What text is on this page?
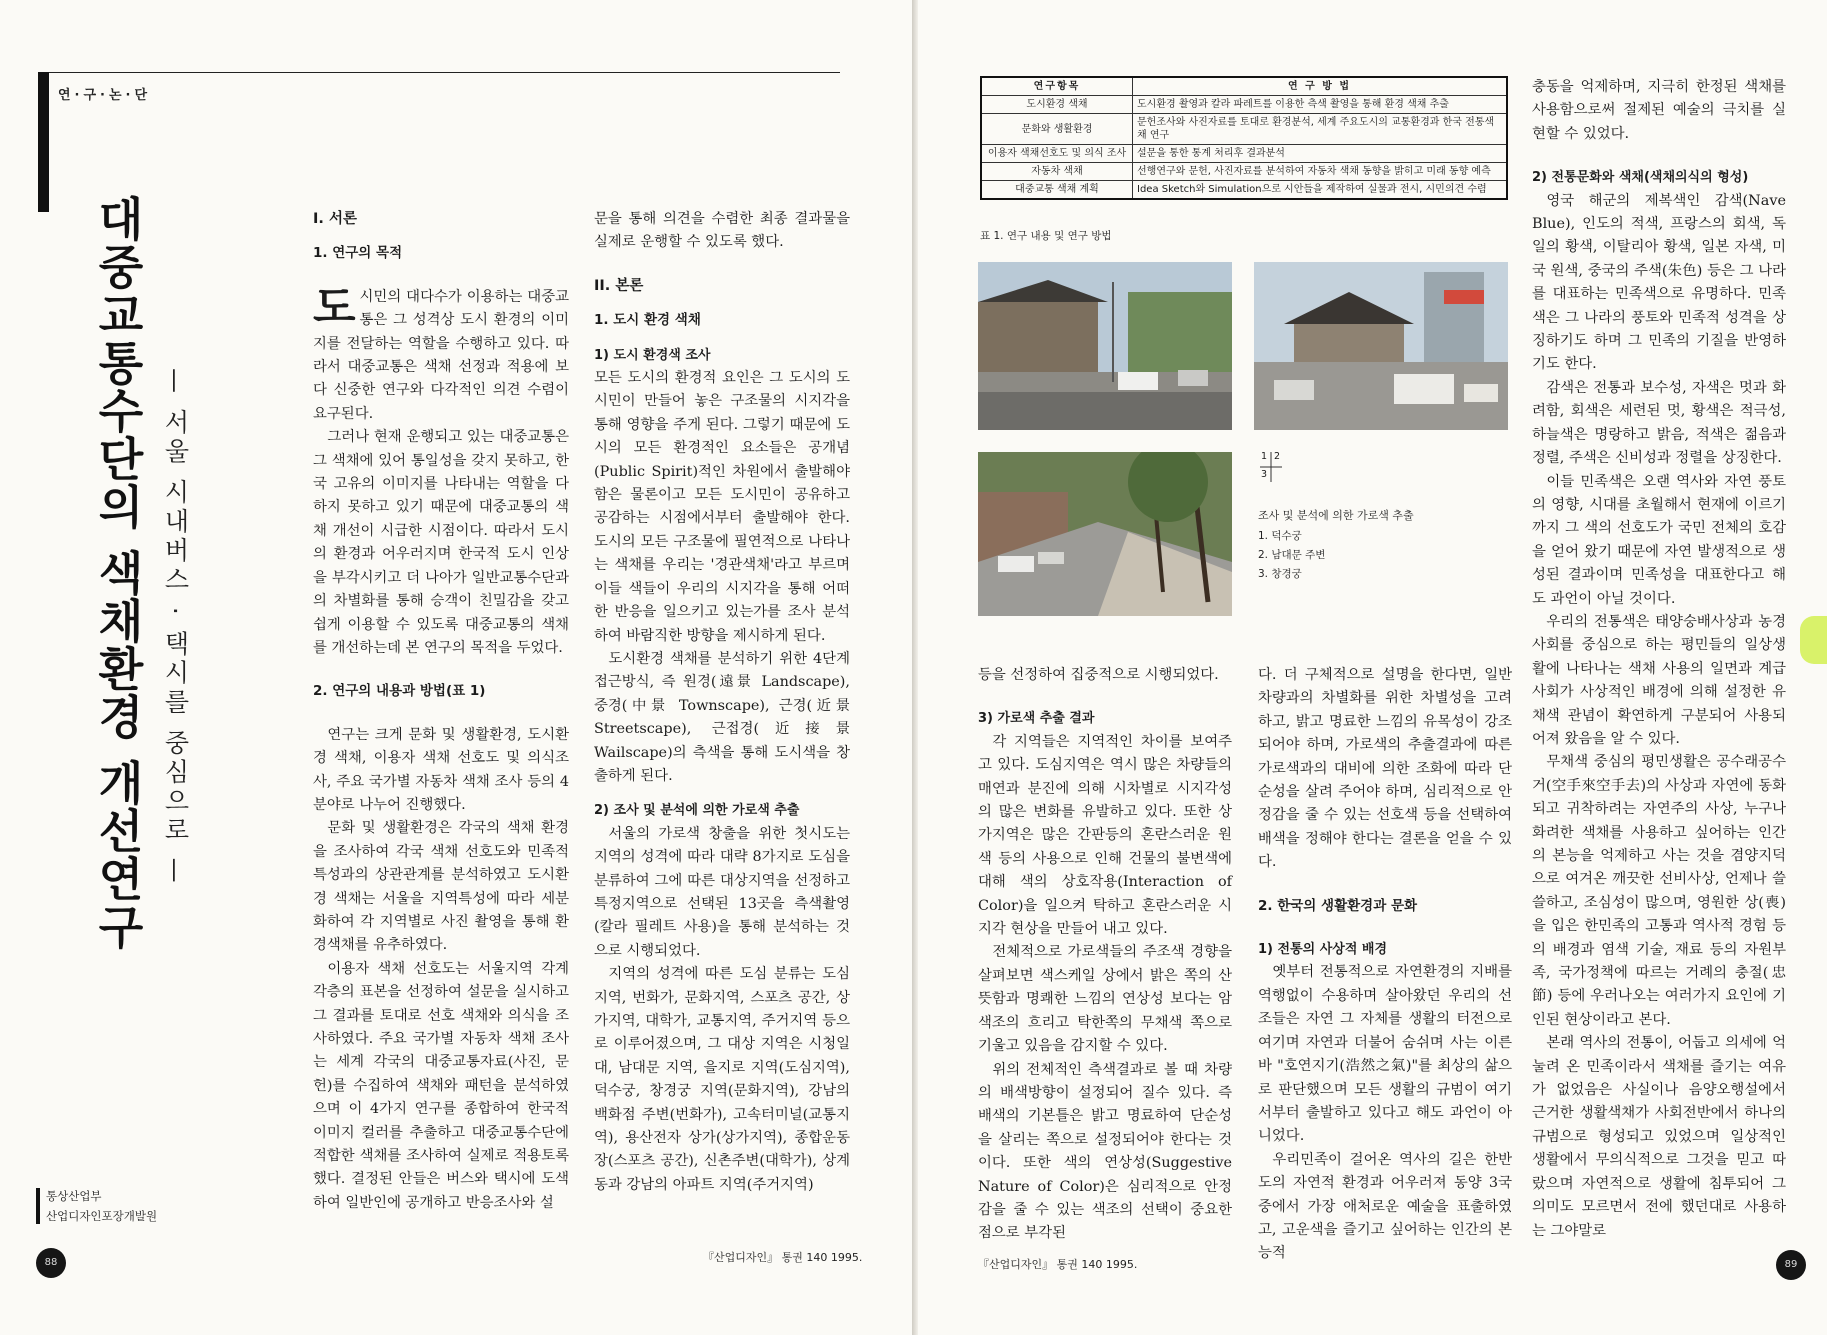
연·구·논·단
대중교통수단의 색채환경 개선연구 — 서울 시내버스 · 택시를 중심으로 —
I. 서론
1. 연구의 목적

도시민의 대다수가 이용하는 대중교통은 그 성격상 도시 환경의 이미지를 전달하는 역할을 수행하고 있다. 따라서 대중교통은 색채 선정과 적용에 보다 신중한 연구와 다각적인 의견 수렴이 요구된다.

그러나 현재 운행되고 있는 대중교통은 그 색채에 있어 통일성을 갖지 못하고, 한국 고유의 이미지를 나타내는 역할을 다하지 못하고 있기 때문에 대중교통의 색채 개선이 시급한 시점이다. 따라서 도시의 환경과 어우러지며 한국적 도시 인상을 부각시키고 더 나아가 일반교통수단과의 차별화를 통해 승객이 친밀감을 갖고 쉽게 이용할 수 있도록 대중교통의 색채를 개선하는데 본 연구의 목적을 두었다.

2. 연구의 내용과 방법(표 1)

연구는 크게 문화 및 생활환경, 도시환경 색채, 이용자 색채 선호도 및 의식조사, 주요 국가별 자동차 색채 조사 등의 4분야로 나누어 진행했다.

문화 및 생활환경은 각국의 색채 환경을 조사하여 각국 색채 선호도와 민족적 특성과의 상관관계를 분석하였고 도시환경 색채는 서울을 지역특성에 따라 세분화하여 각 지역별로 사진 촬영을 통해 환경색채를 유추하였다.

이용자 색채 선호도는 서울지역 각계 각층의 표본을 선정하여 설문을 실시하고 그 결과를 토대로 선호 색채와 의식을 조사하였다. 주요 국가별 자동차 색채 조사는 세계 각국의 대중교통자료(사진, 문헌)를 수집하여 색채와 패턴을 분석하였으며 이 4가지 연구를 종합하여 한국적 이미지 컬러를 추출하고 대중교통수단에 적합한 색채를 조사하여 실제로 적용토록 했다. 결정된 안들은 버스와 택시에 도색하여 일반인에 공개하고 반응조사와 설

문을 통해 의견을 수렴한 최종 결과물을 실제로 운행할 수 있도록 했다.

II. 본론
1. 도시 환경 색채
1) 도시 환경색 조사

모든 도시의 환경적 요인은 그 도시의 도시민이 만들어 놓은 구조물의 시지각을 통해 영향을 주게 된다. 그렇기 때문에 도시의 모든 환경적인 요소들은 공개념(Public Spirit)적인 차원에서 출발해야 함은 물론이고 모든 도시민이 공유하고 공감하는 시점에서부터 출발해야 한다. 도시의 모든 구조물에 필연적으로 나타나는 색채를 우리는 '경관색채'라고 부르며 이들 색들이 우리의 시지각을 통해 어떠한 반응을 일으키고 있는가를 조사 분석하여 바람직한 방향을 제시하게 된다.

도시환경 색채를 분석하기 위한 4단계 접근방식, 즉 원경(遠景 Landscape), 중경(中景 Townscape), 근경(近景 Streetscape), 근접경(近接景 Wailscape)의 측색을 통해 도시색을 창출하게 된다.

2) 조사 및 분석에 의한 가로색 추출

서울의 가로색 창출을 위한 첫시도는 지역의 성격에 따라 대략 8가지로 도심을 분류하여 그에 따른 대상지역을 선정하고 특정지역으로 선택된 13곳을 측색촬영(칼라 필레트 사용)을 통해 분석하는 것으로 시행되었다.

지역의 성격에 따른 도심 분류는 도심지역, 번화가, 문화지역, 스포츠 공간, 상가지역, 대학가, 교통지역, 주거지역 등으로 이루어졌으며, 그 대상 지역은 시청일대, 남대문 지역, 을지로 지역(도심지역), 덕수궁, 창경궁 지역(문화지역), 강남의 백화점 주변(번화가), 고속터미널(교통지역), 용산전자 상가(상가지역), 종합운동장(스포츠 공간), 신촌주변(대학가), 상계동과 강남의 아파트 지역(주거지역)

통상산업부
산업디자인포장개발원
88	『산업디자인』 통권 140 1995.
연구항목	연 구 방 법
도시환경 색채	도시환경 촬영과 칼라 파레트를 이용한 측색 촬영을 통해 환경 색채 추출
문화와 생활환경	문헌조사와 사진자료를 토대로 환경분석, 세계 주요도시의 교통환경과 한국 전통색채 연구
이용자 색채선호도 및 의식 조사	설문을 통한 통계 처리후 결과분석
자동차 색채	선행연구와 문헌, 사진자료를 분석하여 자동차 색채 동향을 밝히고 미래 동향 예측
대중교통 색채 계획	Idea Sketch와 Simulation으로 시안들을 제작하여 실물과 전시, 시민의견 수렴
표 1. 연구 내용 및 연구 방법
1 2
3
조사 및 분석에 의한 가로색 추출
1. 덕수궁
2. 남대문 주변
3. 창경궁

등을 선정하여 집중적으로 시행되었다.

3) 가로색 추출 결과

각 지역들은 지역적인 차이를 보여주고 있다. 도심지역은 역시 많은 차량들의 매연과 분진에 의해 시차별로 시지각성의 많은 변화를 유발하고 있다. 또한 상가지역은 많은 간판등의 혼란스러운 원색 등의 사용으로 인해 건물의 불변색에 대해 색의 상호작용(Interaction of Color)을 일으켜 탁하고 혼란스러운 시지각 현상을 만들어 내고 있다.

전체적으로 가로색들의 주조색 경향을 살펴보면 색스케일 상에서 밝은 쪽의 산뜻함과 명쾌한 느낌의 연상성 보다는 암색조의 흐리고 탁한쪽의 무채색 쪽으로 기울고 있음을 감지할 수 있다.

위의 전체적인 측색결과로 볼 때 차량의 배색방향이 설정되어 질수 있다. 즉 배색의 기본틀은 밝고 명료하여 단순성을 살리는 쪽으로 설정되어야 한다는 것이다. 또한 색의 연상성(Suggestive Nature of Color)은 심리적으로 안정감을 줄 수 있는 색조의 선택이 중요한 점으로 부각된

다. 더 구체적으로 설명을 한다면, 일반차량과의 차별화를 위한 차별성을 고려하고, 밝고 명료한 느낌의 유목성이 강조되어야 하며, 가로색의 추출결과에 따른 가로색과의 대비에 의한 조화에 따라 단순성을 살려 주어야 하며, 심리적으로 안정감을 줄 수 있는 선호색 등을 선택하여 배색을 정해야 한다는 결론을 얻을 수 있다.

2. 한국의 생활환경과 문화
1) 전통의 사상적 배경

옛부터 전통적으로 자연환경의 지배를 역행없이 수용하며 살아왔던 우리의 선조들은 자연 그 자체를 생활의 터전으로 여기며 자연과 더불어 숨쉬며 사는 이른바 "호연지기(浩然之氣)"를 최상의 삶으로 판단했으며 모든 생활의 규범이 여기서부터 출발하고 있다고 해도 과언이 아니었다.

우리민족이 걸어온 역사의 길은 한반도의 자연적 환경과 어우러져 동양 3국 중에서 가장 애처로운 예술을 표출하였고, 고운색을 즐기고 싶어하는 인간의 본능적

충동을 억제하며, 지극히 한정된 색채를 사용함으로써 절제된 예술의 극치를 실현할 수 있었다.

2) 전통문화와 색채(색채의식의 형성)

영국 해군의 제복색인 감색(Nave Blue), 인도의 적색, 프랑스의 회색, 독일의 황색, 이탈리아 황색, 일본 자색, 미국 원색, 중국의 주색(朱色) 등은 그 나라를 대표하는 민족색으로 유명하다. 민족색은 그 나라의 풍토와 민족적 성격을 상징하기도 하며 그 민족의 기질을 반영하기도 한다.

감색은 전통과 보수성, 자색은 멋과 화려함, 회색은 세련된 멋, 황색은 적극성, 하늘색은 명랑하고 밝음, 적색은 젊음과 정렬, 주색은 신비성과 정렬을 상징한다.

이들 민족색은 오랜 역사와 자연 풍토의 영향, 시대를 초월해서 현재에 이르기까지 그 색의 선호도가 국민 전체의 호감을 얻어 왔기 때문에 자연 발생적으로 생성된 결과이며 민족성을 대표한다고 해도 과언이 아닐 것이다.

우리의 전통색은 태양숭배사상과 농경사회를 중심으로 하는 평민들의 일상생활에 나타나는 색채 사용의 일면과 계급사회가 사상적인 배경에 의해 설정한 유채색 관념이 확연하게 구분되어 사용되어져 왔음을 알 수 있다.

무채색 중심의 평민생활은 공수래공수거(空手來空手去)의 사상과 자연에 동화되고 귀착하려는 자연주의 사상, 누구나 화려한 색채를 사용하고 싶어하는 인간의 본능을 억제하고 사는 것을 겸양지덕으로 여겨온 깨끗한 선비사상, 언제나 쓸쓸하고, 조심성이 많으며, 영원한 상(喪)을 입은 한민족의 고통과 역사적 경험 등의 배경과 염색 기술, 재료 등의 자원부족, 국가정책에 따르는 거례의 충절(忠節) 등에 우러나오는 여러가지 요인에 기인된 현상이라고 본다.

본래 역사의 전통이, 어둡고 의세에 억눌려 온 민족이라서 색채를 즐기는 여유가 없었음은 사실이나 음양오행설에서 근거한 생활색채가 사회전반에서 하나의 규범으로 형성되고 있었으며 일상적인 생활에서 무의식적으로 그것을 믿고 따랐으며 자연적으로 생활에 침투되어 그 의미도 모르면서 전에 했던대로 사용하는 그야말로

『산업디자인』 통권 140 1995.	89
